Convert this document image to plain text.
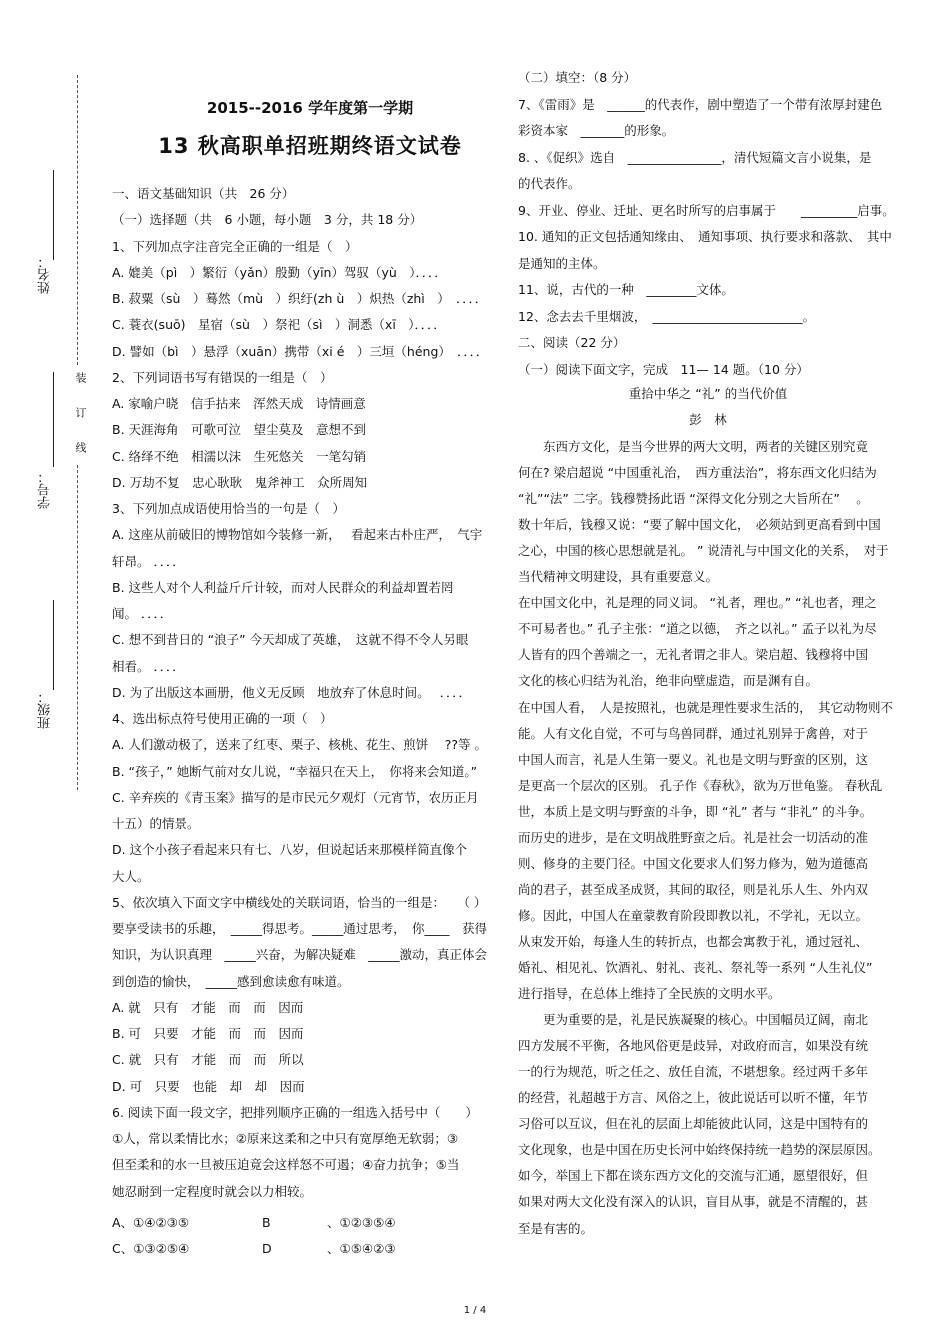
装
订
线
姓名：
学号：
班级：
2015--2016 学年度第一学期
13 秋高职单招班期终语文试卷
一、语文基础知识（共　26 分）
（一）选择题（共　6 小题，每小题　3 分，共 18 分）
1、下列加点字注音完全正确的一组是（　）
A. 媲美（pì　）繁衍（yǎn）殷勤（yīn）驾驭（yù　）．．．．
B. 菽粟（sù　）蓦然（mù　）织纡(zh ù　）炽热（zhì　）　．．．．
C. 蓑衣(suō)　星宿（sù　）祭祀（sì　）洞悉（xī　）．．．．
D. 譬如（bì　）悬浮（xuān）携带（xi é　）三垣（héng）　．．．．
2、下列词语书写有错误的一组是（　）
A. 家喻户晓　信手拈来　浑然天成　诗情画意
B. 天涯海角　可歌可泣　望尘莫及　意想不到
C. 络绎不绝　相濡以沫　生死悠关　一笔勾销
D. 万劫不复　忠心耿耿　鬼斧神工　众所周知
3、下列加点成语使用恰当的一句是（　）
A. 这座从前破旧的博物馆如今装修一新，　 看起来古朴庄严，　气宇
轩昂。 ．．．．
B. 这些人对个人利益斤斤计较，而对人民群众的利益却置若罔
闻。 ．．．．
C. 想不到昔日的 “浪子” 今天却成了英雄，　这就不得不令人另眼
相看。 ．．．．
D. 为了出版这本画册，他义无反顾　地放弃了休息时间。　 ．．．．
4、选出标点符号使用正确的一项（　）
A. 人们激动极了，送来了红枣、栗子、核桃、花生、煎饼　 ??等 。
B. “孩子，” 她断气前对女儿说，“幸福只在天上，　你将来会知道。”
C. 辛弃疾的《青玉案》描写的是市民元夕观灯（元宵节，农历正月
十五）的情景。
D. 这个小孩子看起来只有七、八岁，但说起话来那模样简直像个
大人。
5、依次填入下面文字中横线处的关联词语，恰当的一组是：　　（ ）
要享受读书的乐趣，　_____得思考。_____通过思考，　你____　获得
知识，为认识真理　_____兴奋，为解决疑难　_____激动，真正体会
到创造的愉快，　_____感到愈读愈有味道。
A. 就　只有　才能　而　而　因而
B. 可　只要　才能　而　而　因而
C. 就　只有　才能　而　而　所以
D. 可　只要　也能　却　却　因而
6. 阅读下面一段文字，把排列顺序正确的一组选入括号中（　　）
①人，常以柔情比水；②原来这柔和之中只有宽厚绝无软弱；③
但至柔和的水一旦被压迫竟会这样怒不可遏；④奋力抗争；⑤当
她忍耐到一定程度时就会以力相较。
A、①④②③⑤	B	、①②③⑤④
C、①③②⑤④	D	、①⑤④②③
（二）填空：（8 分）
7、《雷雨》是　______的代表作，剧中塑造了一个带有浓厚封建色
彩资本家　_______的形象。
8. 、《促织》选自　_______________，清代短篇文言小说集，是
的代表作。
9、开业、停业、迁址、更名时所写的启事属于　　_________启事。
10. 通知的正文包括通知缘由、　通知事项、执行要求和落款、　其中
是通知的主体。
11、说，古代的一种　________文体。
12、念去去千里烟波，　________________________。
二、阅读（22 分）
（一）阅读下面文字，完成　11— 14 题。（10 分）
重拾中华之 “礼” 的当代价值
彭　林
　　东西方文化，是当今世界的两大文明，两者的关键区别究竟
何在? 梁启超说 “中国重礼治，　西方重法治”，将东西文化归结为
“礼”“法” 二字。钱穆赞扬此语 “深得文化分别之大旨所在”　 。
数十年后，钱穆又说：“要了解中国文化，　必须站到更高看到中国
之心，中国的核心思想就是礼。 ” 说清礼与中国文化的关系，　对于
当代精神文明建设，具有重要意义。
在中国文化中，礼是理的同义词。 “礼者，理也。” “礼也者，理之
不可易者也。” 孔子主张：“道之以德，　齐之以礼。” 孟子以礼为尽
人皆有的四个善端之一，无礼者谓之非人。梁启超、钱穆将中国
文化的核心归结为礼治，绝非向壁虚造，而是渊有自。
在中国人看，　人是按照礼，也就是理性要求生活的，　其它动物则不
能。人有文化自觉，不可与鸟兽同群，通过礼别异于禽兽，对于
中国人而言，礼是人生第一要义。礼也是文明与野蛮的区别，这
是更高一个层次的区别。 孔子作《春秋》，欲为万世龟鉴。 春秋乱
世，本质上是文明与野蛮的斗争，即 “礼” 者与 “非礼” 的斗争。
而历史的进步，是在文明战胜野蛮之后。礼是社会一切活动的准
则、修身的主要门径。中国文化要求人们努力修为，勉为道德高
尚的君子，甚至成圣成贤，其间的取径，则是礼乐人生、外内双
修。因此，中国人在童蒙教育阶段即教以礼，不学礼，无以立。
从束发开始，每逢人生的转折点，也都会寓教于礼，通过冠礼、
婚礼、相见礼、饮酒礼、射礼、丧礼、祭礼等一系列 “人生礼仪”
进行指导，在总体上维持了全民族的文明水平。
　　更为重要的是，礼是民族凝聚的核心。中国幅员辽阔，南北
四方发展不平衡，各地风俗更是歧异，对政府而言，如果没有统
一的行为规范，听之任之、放任自流，不堪想象。经过两千多年
的经营，礼超越于方言、风俗之上，彼此说话可以听不懂，年节
习俗可以互议，但在礼的层面上却能彼此认同，这是中国特有的
文化现象，也是中国在历史长河中始终保持统一趋势的深层原因。
如今，举国上下都在谈东西方文化的交流与汇通，愿望很好，但
如果对两大文化没有深入的认识，盲目从事，就是不清醒的，甚
至是有害的。
1 / 4
